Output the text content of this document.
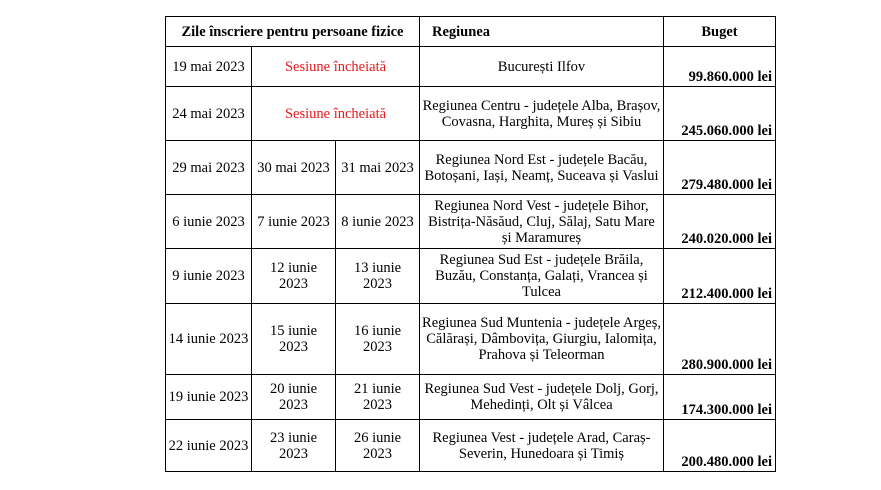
Zile înscriere pentru persoane fizice			Regiunea	Buget
19 mai 2023	Sesiune încheiată		București Ilfov	99.860.000 lei
24 mai 2023	Sesiune încheiată		Regiunea Centru - județele Alba, Brașov, Covasna, Harghita, Mureș și Sibiu	245.060.000 lei
29 mai 2023	30 mai 2023	31 mai 2023	Regiunea Nord Est - județele Bacău, Botoșani, Iași, Neamț, Suceava și Vaslui	279.480.000 lei
6 iunie 2023	7 iunie 2023	8 iunie 2023	Regiunea Nord Vest - județele Bihor, Bistrița-Năsăud, Cluj, Sălaj, Satu Mare și Maramureș	240.020.000 lei
9 iunie 2023	12 iunie 2023	13 iunie 2023	Regiunea Sud Est - județele Brăila, Buzău, Constanța, Galați, Vrancea și Tulcea	212.400.000 lei
14 iunie 2023	15 iunie 2023	16 iunie 2023	Regiunea Sud Muntenia - județele Argeș, Călărași, Dâmbovița, Giurgiu, Ialomița, Prahova și Teleorman	280.900.000 lei
19 iunie 2023	20 iunie 2023	21 iunie 2023	Regiunea Sud Vest - județele Dolj, Gorj, Mehedinți, Olt și Vâlcea	174.300.000 lei
22 iunie 2023	23 iunie 2023	26 iunie 2023	Regiunea Vest - județele Arad, Caraș-Severin, Hunedoara și Timiș	200.480.000 lei
